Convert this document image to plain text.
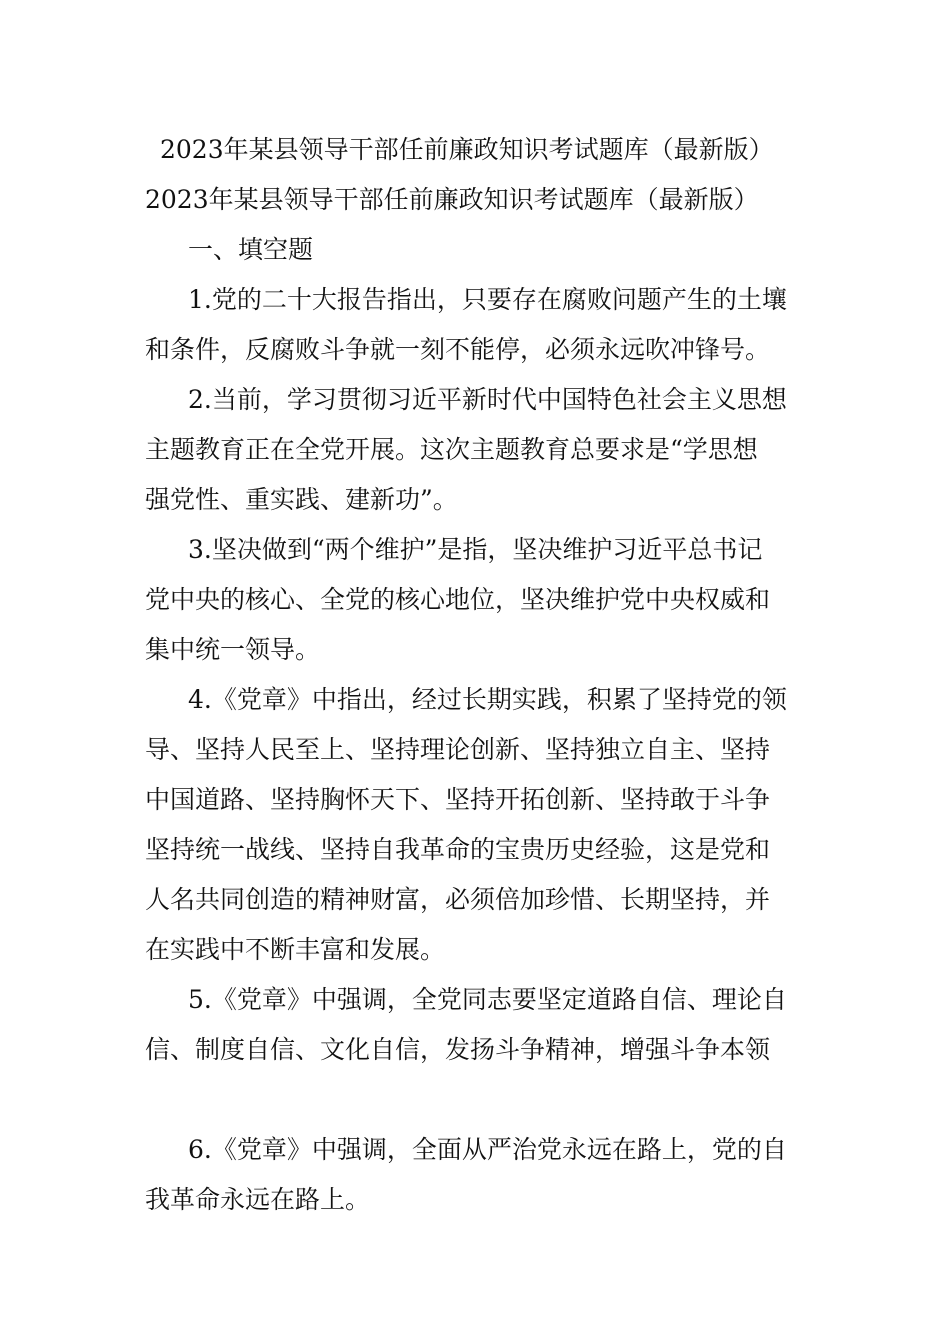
2023年某县领导干部任前廉政知识考试题库（最新版）
2023年某县领导干部任前廉政知识考试题库（最新版）
一、填空题
1.党的二十大报告指出，只要存在腐败问题产生的土壤
和条件，反腐败斗争就一刻不能停，必须永远吹冲锋号。
2.当前，学习贯彻习近平新时代中国特色社会主义思想
主题教育正在全党开展。这次主题教育总要求是“学思想
强党性、重实践、建新功”。
3.坚决做到“两个维护”是指，坚决维护习近平总书记
党中央的核心、全党的核心地位，坚决维护党中央权威和
集中统一领导。
4.《党章》中指出，经过长期实践，积累了坚持党的领
导、坚持人民至上、坚持理论创新、坚持独立自主、坚持
中国道路、坚持胸怀天下、坚持开拓创新、坚持敢于斗争
坚持统一战线、坚持自我革命的宝贵历史经验，这是党和
人名共同创造的精神财富，必须倍加珍惜、长期坚持，并
在实践中不断丰富和发展。
5.《党章》中强调，全党同志要坚定道路自信、理论自
信、制度自信、文化自信，发扬斗争精神，增强斗争本领
6.《党章》中强调，全面从严治党永远在路上，党的自
我革命永远在路上。
